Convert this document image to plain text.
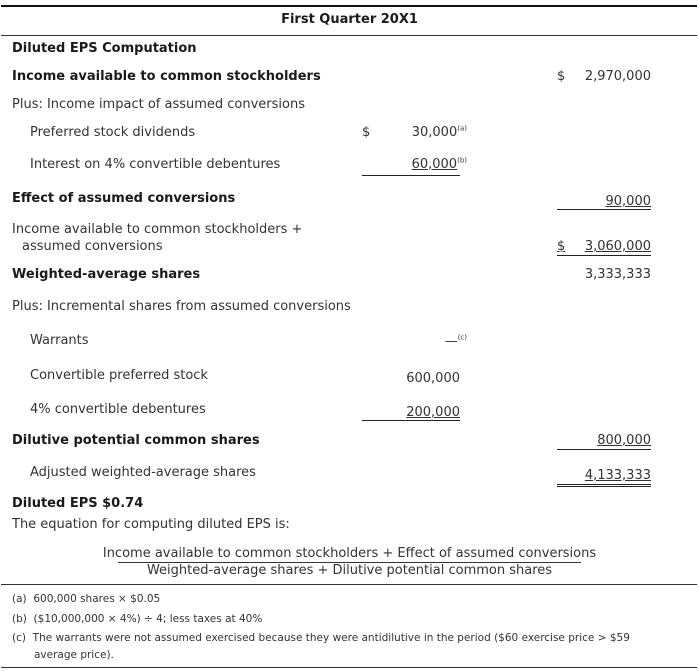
First Quarter 20X1
Diluted EPS Computation
Income available to common stockholders	$	2,970,000
Plus: Income impact of assumed conversions
Preferred stock dividends	$	30,000$^{(a)}$
Interest on 4% convertible debentures	60,000$^{(b)}$
Effect of assumed conversions	90,000
Income available to common stockholders +
assumed conversions	$	3,060,000
Weighted-average shares	3,333,333
Plus: Incremental shares from assumed conversions
Warrants	—$^{(c)}$
Convertible preferred stock	600,000
4% convertible debentures	200,000
Dilutive potential common shares	800,000
Adjusted weighted-average shares	4,133,333
Diluted EPS $0.74
The equation for computing diluted EPS is:
Income available to common stockholders + Effect of assumed conversions
Weighted-average shares + Dilutive potential common shares
(a) 600,000 shares × $0.05
(b) ($10,000,000 × 4%) ÷ 4; less taxes at 40%
(c) The warrants were not assumed exercised because they were antidilutive in the period ($60 exercise price > $59
average price).
